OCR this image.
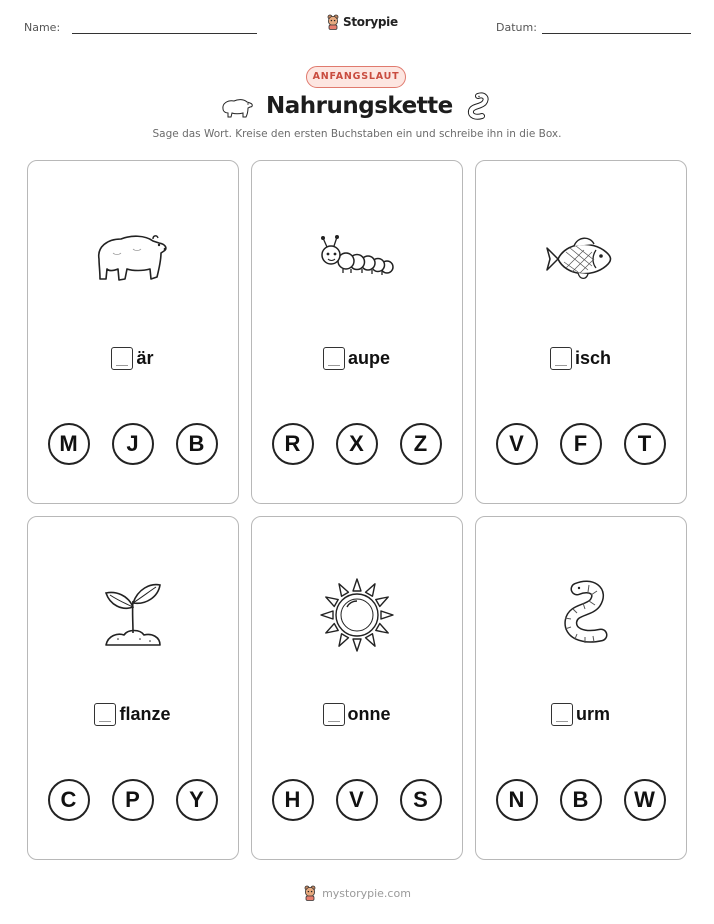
Name:	Storypie	Datum:
ANFANGSLAUT
Nahrungskette
Sage das Wort. Kreise den ersten Buchstaben ein und schreibe ihn in die Box.
är
M	J	B
aupe
R	X	Z
isch
V	F	T
flanze
C	P	Y
onne
H	V	S
urm
N	B	W
mystorypie.com
